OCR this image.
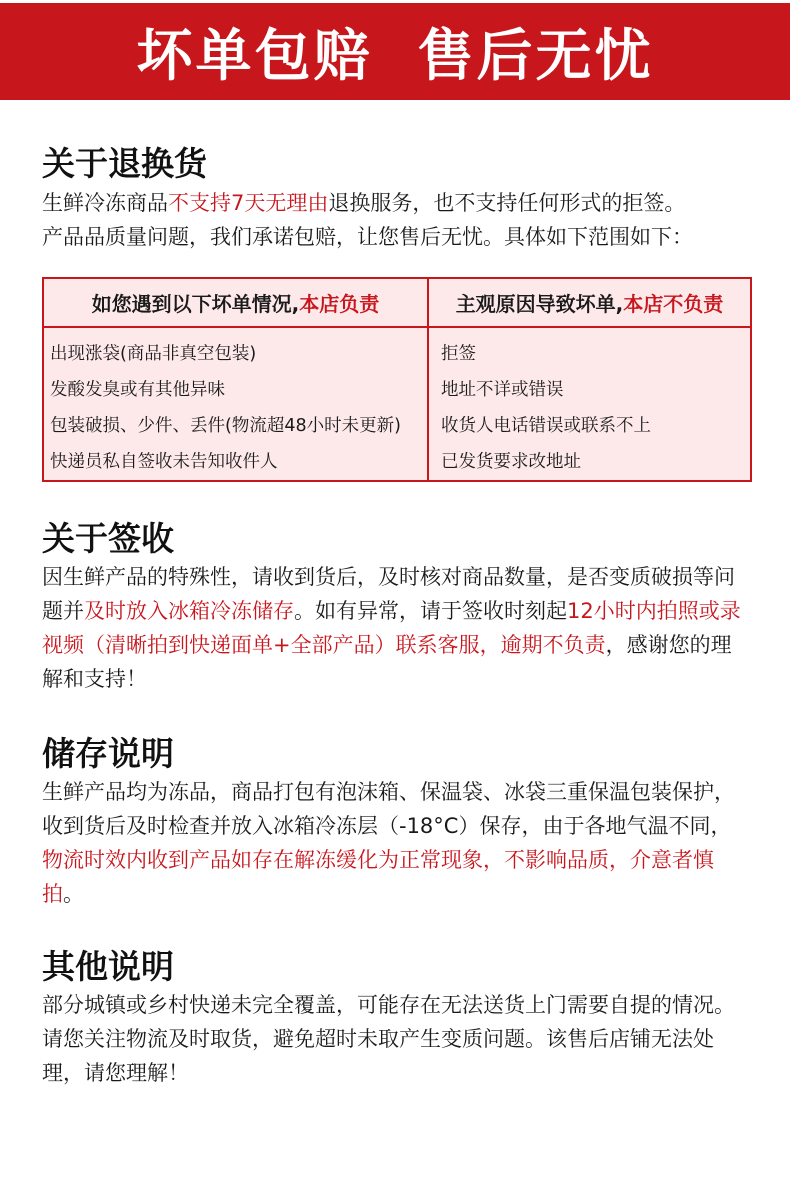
坏单包赔  售后无忧
关于退换货

生鲜冷冻商品不支持7天无理由退换服务，也不支持任何形式的拒签。
产品品质量问题，我们承诺包赔，让您售后无忧。具体如下范围如下：

如您遇到以下坏单情况, 本店负责	主观原因导致坏单, 本店不负责
出现涨袋(商品非真空包装)
发酸发臭或有其他异味
包装破损、少件、丢件(物流超48小时未更新)
快递员私自签收未告知收件人
拒签
地址不详或错误
收货人电话错误或联系不上
已发货要求改地址
关于签收

因生鲜产品的特殊性，请收到货后，及时核对商品数量，是否变质破损等问题并及时放入冰箱冷冻储存。如有异常，请于签收时刻起12小时内拍照或录视频（清晰拍到快递面单+全部产品）联系客服，逾期不负责，感谢您的理解和支持！

储存说明

生鲜产品均为冻品，商品打包有泡沫箱、保温袋、冰袋三重保温包装保护，收到货后及时检查并放入冰箱冷冻层（-18°C）保存，由于各地气温不同，物流时效内收到产品如存在解冻缓化为正常现象，不影响品质，介意者慎拍。

其他说明

部分城镇或乡村快递未完全覆盖，可能存在无法送货上门需要自提的情况。请您关注物流及时取货，避免超时未取产生变质问题。该售后店铺无法处理，请您理解！
